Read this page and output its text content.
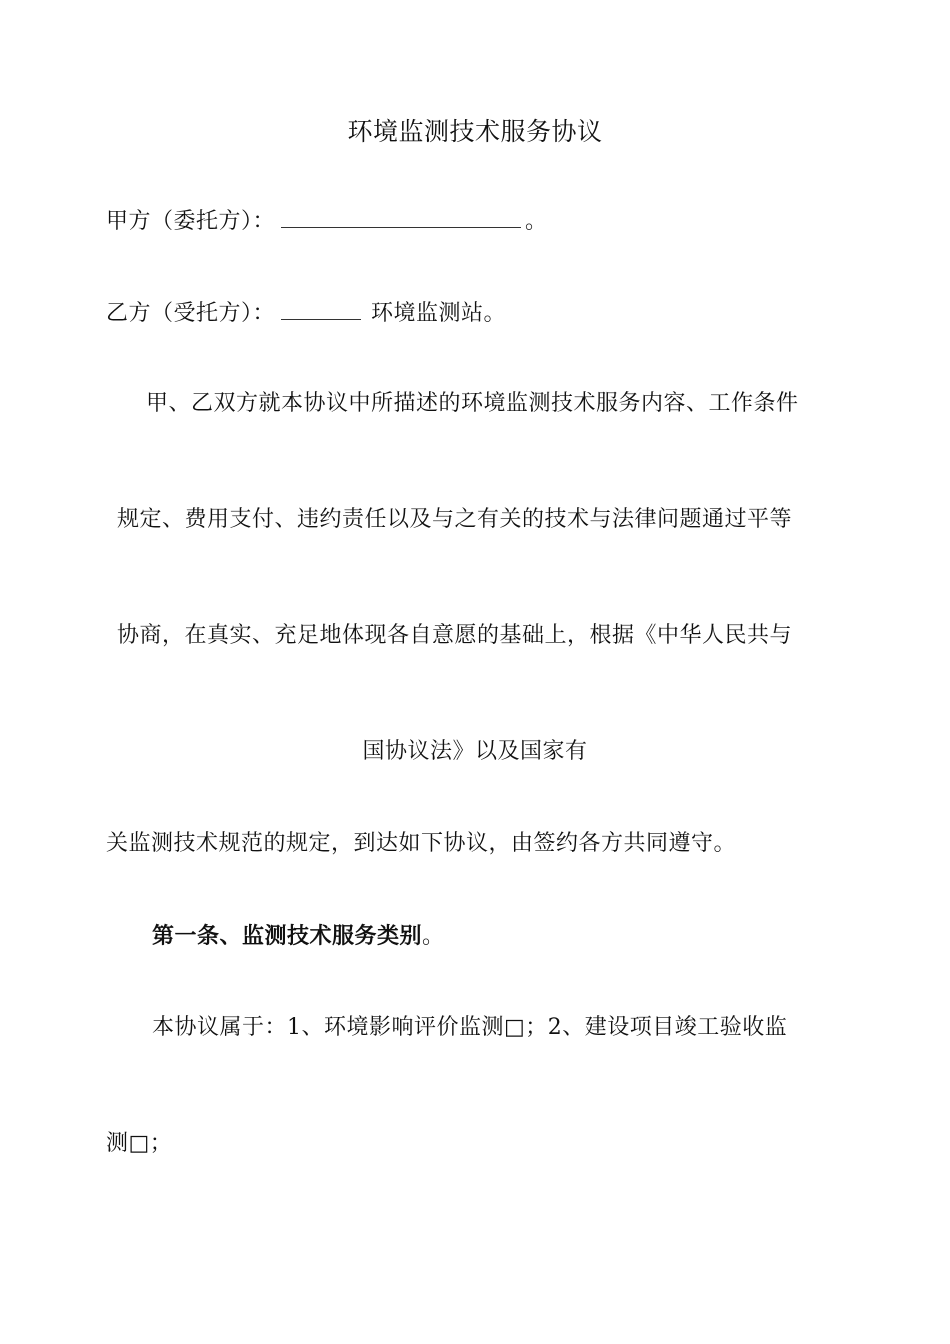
环境监测技术服务协议
甲方（委托方）：	。
乙方（受托方）：	环境监测站。
甲、乙双方就本协议中所描述的环境监测技术服务内容、工作条件
规定、费用支付、违约责任以及与之有关的技术与法律问题通过平等
协商，在真实、充足地体现各自意愿的基础上，根据《中华人民共与
国协议法》以及国家有
关监测技术规范的规定，到达如下协议，由签约各方共同遵守。
第一条、监测技术服务类别。
本协议属于：1、环境影响评价监测□；2、建设项目竣工验收监
测□；
